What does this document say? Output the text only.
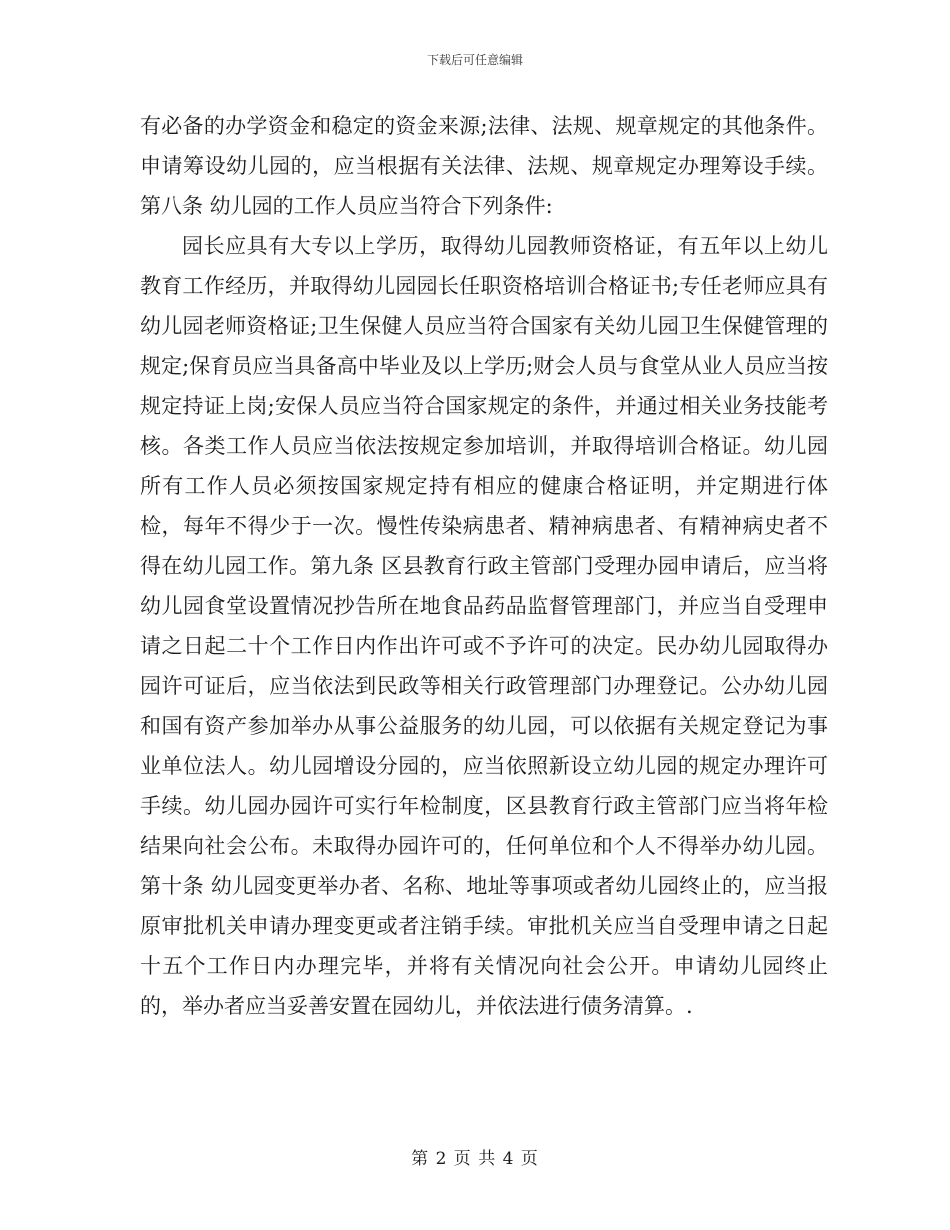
下载后可任意编辑

有必备的办学资金和稳定的资金来源;法律、法规、规章规定的其他条件。申请筹设幼儿园的，应当根据有关法律、法规、规章规定办理筹设手续。第八条 幼儿园的工作人员应当符合下列条件:

园长应具有大专以上学历，取得幼儿园教师资格证，有五年以上幼儿教育工作经历，并取得幼儿园园长任职资格培训合格证书;专任老师应具有幼儿园老师资格证;卫生保健人员应当符合国家有关幼儿园卫生保健管理的规定;保育员应当具备高中毕业及以上学历;财会人员与食堂从业人员应当按规定持证上岗;安保人员应当符合国家规定的条件，并通过相关业务技能考核。各类工作人员应当依法按规定参加培训，并取得培训合格证。幼儿园所有工作人员必须按国家规定持有相应的健康合格证明，并定期进行体检，每年不得少于一次。慢性传染病患者、精神病患者、有精神病史者不得在幼儿园工作。第九条 区县教育行政主管部门受理办园申请后，应当将幼儿园食堂设置情况抄告所在地食品药品监督管理部门，并应当自受理申请之日起二十个工作日内作出许可或不予许可的决定。民办幼儿园取得办园许可证后，应当依法到民政等相关行政管理部门办理登记。公办幼儿园和国有资产参加举办从事公益服务的幼儿园，可以依据有关规定登记为事业单位法人。幼儿园增设分园的，应当依照新设立幼儿园的规定办理许可手续。幼儿园办园许可实行年检制度，区县教育行政主管部门应当将年检结果向社会公布。未取得办园许可的，任何单位和个人不得举办幼儿园。第十条 幼儿园变更举办者、名称、地址等事项或者幼儿园终止的，应当报原审批机关申请办理变更或者注销手续。审批机关应当自受理申请之日起十五个工作日内办理完毕，并将有关情况向社会公开。申请幼儿园终止的，举办者应当妥善安置在园幼儿，并依法进行债务清算。.

第 2 页 共 4 页
